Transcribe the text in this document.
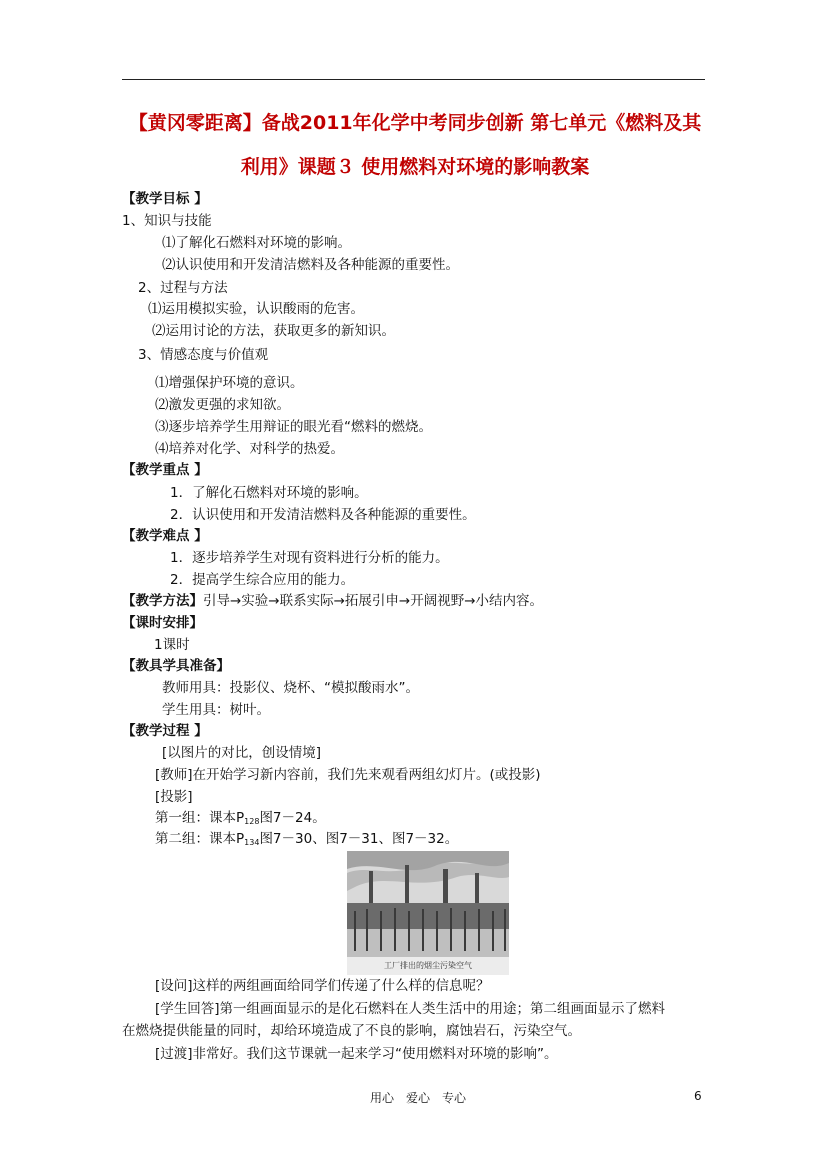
【黄冈零距离】备战2011年化学中考同步创新 第七单元《燃料及其
利用》课题３ 使用燃料对环境的影响教案
【教学目标 】
1、知识与技能
⑴了解化石燃料对环境的影响。
⑵认识使用和开发清洁燃料及各种能源的重要性。
2、过程与方法
⑴运用模拟实验，认识酸雨的危害。
⑵运用讨论的方法，获取更多的新知识。
3、情感态度与价值观
⑴增强保护环境的意识。
⑵激发更强的求知欲。
⑶逐步培养学生用辩证的眼光看“燃料的燃烧。
⑷培养对化学、对科学的热爱。
【教学重点 】
1．了解化石燃料对环境的影响。
2．认识使用和开发清洁燃料及各种能源的重要性。
【教学难点 】
1．逐步培养学生对现有资料进行分析的能力。
2．提高学生综合应用的能力。
【教学方法】引导→实验→联系实际→拓展引申→开阔视野→小结内容。
【课时安排】
1课时
【教具学具准备】
教师用具：投影仪、烧杯、“模拟酸雨水”。
学生用具：树叶。
【教学过程 】
[以图片的对比，创设情境]
[教师]在开始学习新内容前，我们先来观看两组幻灯片。(或投影)
[投影]
第一组：课本$P_{128}$图7－24。
第二组：课本$P_{134}$图7－30、图7－31、图7－32。
工厂排出的烟尘污染空气
[设问]这样的两组画面给同学们传递了什么样的信息呢？
[学生回答]第一组画面显示的是化石燃料在人类生活中的用途；第二组画面显示了燃料
在燃烧提供能量的同时，却给环境造成了不良的影响，腐蚀岩石，污染空气。
[过渡]非常好。我们这节课就一起来学习“使用燃料对环境的影响”。
用心　爱心　专心	6
